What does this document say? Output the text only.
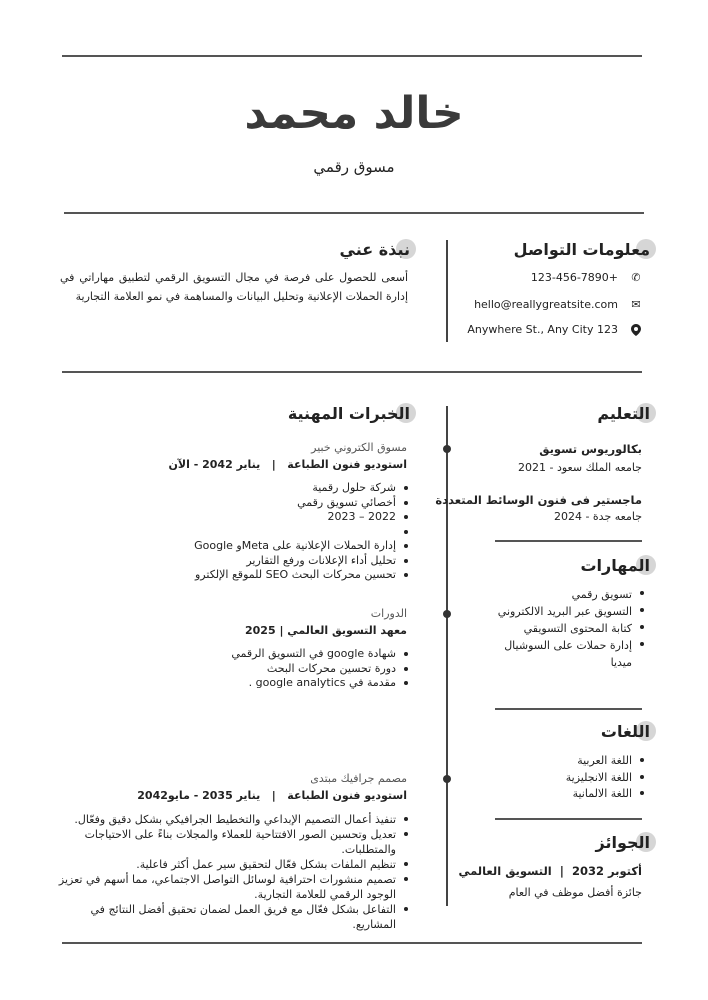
خالد محمد
مسوق رقمي
معلومات التواصل
123-456-7890+ ✆
hello@reallygreatsite.com ✉
Anywhere St., Any City 123
نبذة عني
أسعى للحصول على فرصة في مجال التسويق الرقمي لتطبيق مهاراتي في إدارة الحملات الإعلانية وتحليل البيانات والمساهمة في نمو العلامة التجارية
التعليم
بكالوريوس تسويق
جامعه الملك سعود - 2021
ماجستير فى فنون الوسائط المتعددة
جامعه جدة - 2024
المهارات
تسويق رقمي
التسويق عبر البريد الالكتروني
كتابة المحتوى التسويقي
إدارة حملات على السوشيال ميديا
اللغات
اللغة العربية
اللغة الانجليزية
اللغة الالمانية
الجوائز
أكتوبر 2032  |  التسويق العالمي
جائزة أفضل موظف في العام
الخبرات المهنية
مسوق الكتروني خبير
استوديو فنون الطباعة   |   يناير 2042 - الآن
شركة حلول رقمية
أخصائي تسويق رقمي
2022 – 2023
إدارة الحملات الإعلانية على Metaو Google
تحليل أداء الإعلانات ورفع التقارير
تحسين محركات البحث SEO للموقع الإلكترو
الدورات
معهد التسويق العالمي | 2025
شهادة google في التسويق الرقمي
دورة تحسين محركات البحث
مقدمة في google analytics .
مصمم جرافيك مبتدى
استوديو فنون الطباعة   |   يناير 2035 - مايو2042
تنفيذ أعمال التصميم الإبداعي والتخطيط الجرافيكي بشكل دقيق وفعّال.
تعديل وتحسين الصور الافتتاحية للعملاء والمجلات بناءً على الاحتياجات والمتطلبات.
تنظيم الملفات بشكل فعّال لتحقيق سير عمل أكثر فاعلية.
تصميم منشورات احترافية لوسائل التواصل الاجتماعي، مما أسهم في تعزيز الوجود الرقمي للعلامة التجارية.
التفاعل بشكل فعّال مع فريق العمل لضمان تحقيق أفضل النتائج في المشاريع.
